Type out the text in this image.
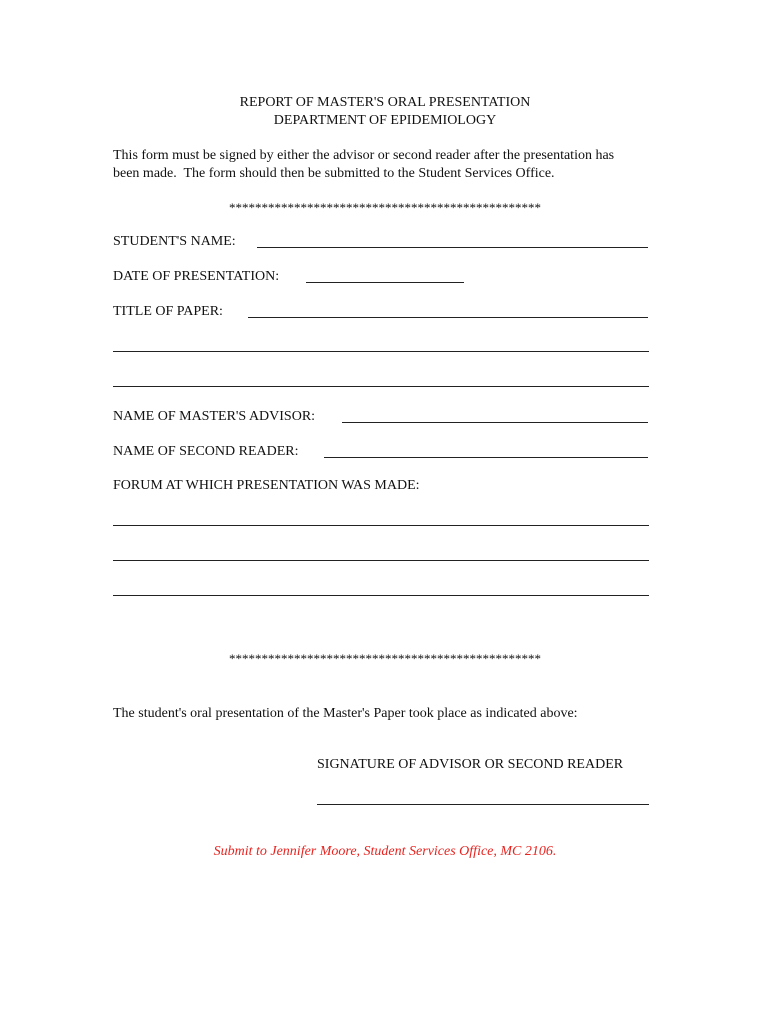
REPORT OF MASTER'S ORAL PRESENTATION
DEPARTMENT OF EPIDEMIOLOGY
This form must be signed by either the advisor or second reader after the presentation has
been made.  The form should then be submitted to the Student Services Office.
************************************************
STUDENT'S NAME:
DATE OF PRESENTATION:
TITLE OF PAPER:
NAME OF MASTER'S ADVISOR:
NAME OF SECOND READER:
FORUM AT WHICH PRESENTATION WAS MADE:
************************************************
The student's oral presentation of the Master's Paper took place as indicated above:
SIGNATURE OF ADVISOR OR SECOND READER
Submit to Jennifer Moore, Student Services Office, MC 2106.
